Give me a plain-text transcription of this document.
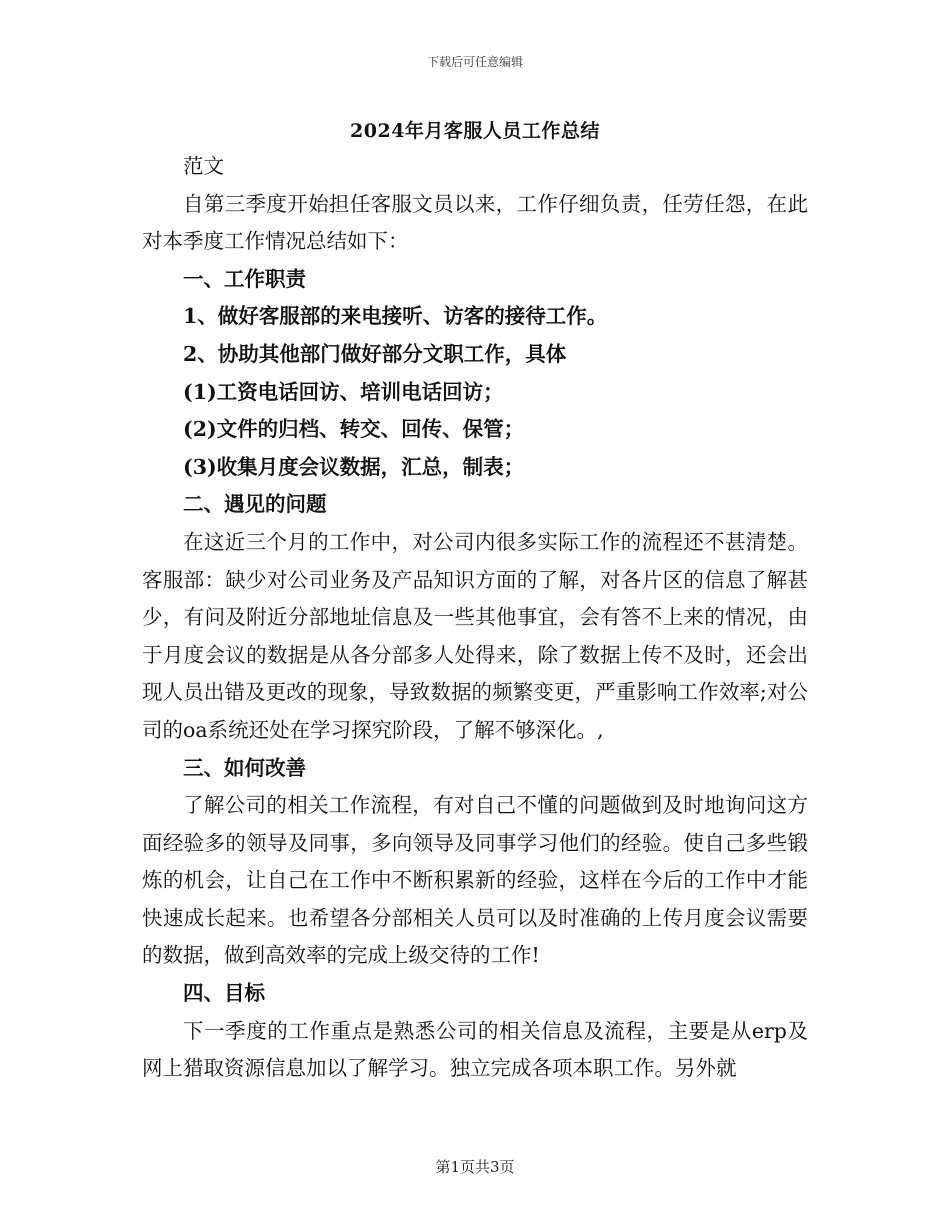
下载后可任意编辑
2024年月客服人员工作总结

范文

自第三季度开始担任客服文员以来，工作仔细负责，任劳任怨，在此对本季度工作情况总结如下：

一、工作职责

1、做好客服部的来电接听、访客的接待工作。

2、协助其他部门做好部分文职工作，具体

(1)工资电话回访、培训电话回访；

(2)文件的归档、转交、回传、保管；

(3)收集月度会议数据，汇总，制表；

二、遇见的问题

在这近三个月的工作中，对公司内很多实际工作的流程还不甚清楚。客服部：缺少对公司业务及产品知识方面的了解，对各片区的信息了解甚少，有问及附近分部地址信息及一些其他事宜，会有答不上来的情况，由于月度会议的数据是从各分部多人处得来，除了数据上传不及时，还会出现人员出错及更改的现象，导致数据的频繁变更，严重影响工作效率;对公司的oa系统还处在学习探究阶段，了解不够深化。,

三、如何改善

了解公司的相关工作流程，有对自己不懂的问题做到及时地询问这方面经验多的领导及同事，多向领导及同事学习他们的经验。使自己多些锻炼的机会，让自己在工作中不断积累新的经验，这样在今后的工作中才能快速成长起来。也希望各分部相关人员可以及时准确的上传月度会议需要的数据，做到高效率的完成上级交待的工作!

四、目标

下一季度的工作重点是熟悉公司的相关信息及流程，主要是从erp及网上猎取资源信息加以了解学习。独立完成各项本职工作。另外就

第1页共3页
